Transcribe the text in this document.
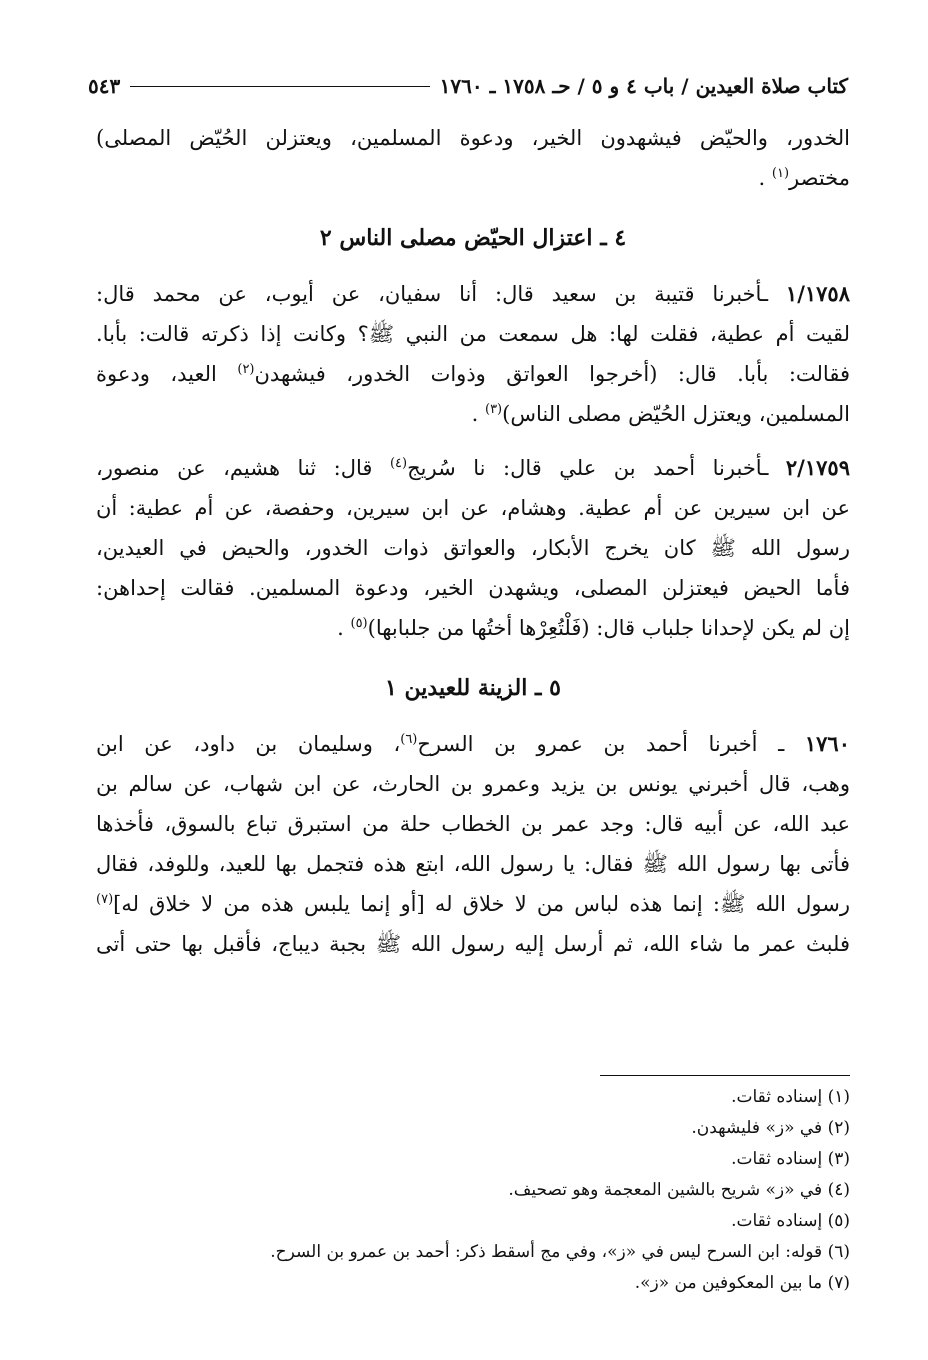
كتاب صلاة العيدين / باب ٤ و ٥ / حـ ١٧٥٨ ـ ١٧٦٠
٥٤٣
الخدور، والحيّض فيشهدون الخير، ودعوة المسلمين، ويعتزلن الحُيّض المصلى)
مختصر$^{(١)}$ .
٤ ـ اعتزال الحيّض مصلى الناس ٢
١/١٧٥٨ ـأخبرنا قتيبة بن سعيد قال: أنا سفيان، عن أيوب، عن محمد قال:
لقيت أم عطية، فقلت لها: هل سمعت من النبي ﷺ؟ وكانت إذا ذكرته قالت: بأبا.
فقالت: بأبا. قال: (أخرجوا العواتق وذوات الخدور، فيشهدن$^{(٢)}$ العيد، ودعوة
المسلمين، ويعتزل الحُيّض مصلى الناس)$^{(٣)}$ .
٢/١٧٥٩ ـأخبرنا أحمد بن علي قال: نا سُريج$^{(٤)}$ قال: ثنا هشيم، عن منصور،
عن ابن سيرين عن أم عطية. وهشام، عن ابن سيرين، وحفصة، عن أم عطية: أن
رسول الله ﷺ كان يخرج الأبكار، والعواتق ذوات الخدور، والحيض في العيدين،
فأما الحيض فيعتزلن المصلى، ويشهدن الخير، ودعوة المسلمين. فقالت إحداهن:
إن لم يكن لإحدانا جلباب قال: (فَلْتُعِرْها أختُها من جلبابها)$^{(٥)}$ .
٥ ـ الزينة للعيدين ١
١٧٦٠ ـ أخبرنا أحمد بن عمرو بن السرح$^{(٦)}$، وسليمان بن داود، عن ابن
وهب، قال أخبرني يونس بن يزيد وعمرو بن الحارث، عن ابن شهاب، عن سالم بن
عبد الله، عن أبيه قال: وجد عمر بن الخطاب حلة من استبرق تباع بالسوق، فأخذها
فأتى بها رسول الله ﷺ فقال: يا رسول الله، ابتع هذه فتجمل بها للعيد، وللوفد، فقال
رسول الله ﷺ: إنما هذه لباس من لا خلاق له [أو إنما يلبس هذه من لا خلاق له]$^{(٧)}$
فلبث عمر ما شاء الله، ثم أرسل إليه رسول الله ﷺ بجبة ديباج، فأقبل بها حتى أتى
(١) إسناده ثقات.
(٢) في «ز» فليشهدن.
(٣) إسناده ثقات.
(٤) في «ز» شريح بالشين المعجمة وهو تصحيف.
(٥) إسناده ثقات.
(٦) قوله: ابن السرح ليس في «ز»، وفي مج أسقط ذكر: أحمد بن عمرو بن السرح.
(٧) ما بين المعكوفين من «ز».
